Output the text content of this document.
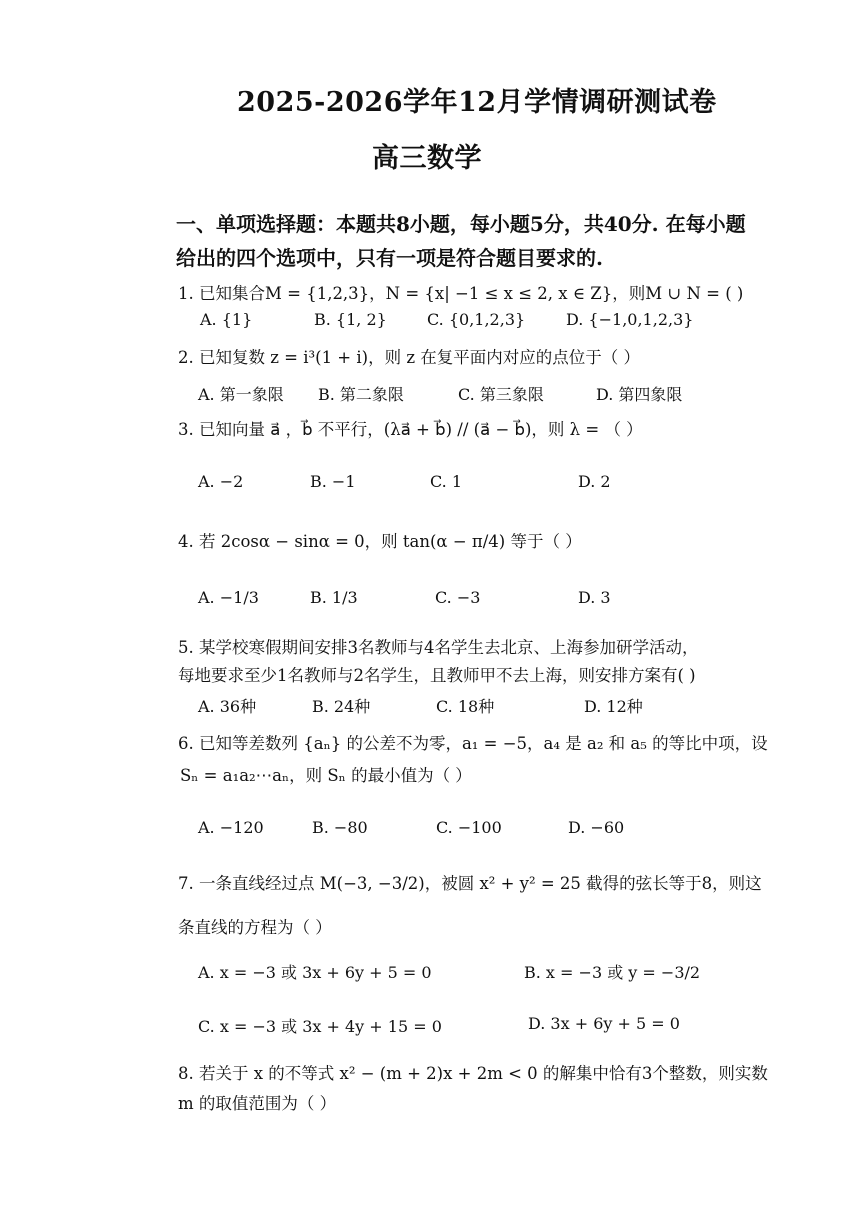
2025-2026学年12月学情调研测试卷
高三数学
一、单项选择题：本题共8小题，每小题5分，共40分. 在每小题
给出的四个选项中，只有一项是符合题目要求的.
1. 已知集合M = {1,2,3}，N = {x| −1 ≤ x ≤ 2, x ∈ Z}，则M ∪ N = ( )
A. {1}	B. {1, 2}	C. {0,1,2,3}	D. {−1,0,1,2,3}
2. 已知复数 z = i³(1 + i)，则 z 在复平面内对应的点位于（ ）
A. 第一象限 B. 第二象限	C. 第三象限	D. 第四象限
3. 已知向量 a⃗ ，b⃗ 不平行，(λa⃗ + b⃗) // (a⃗ − b⃗)，则 λ = （ ）
A. −2	B. −1	C. 1	D. 2
4. 若 2cosα − sinα = 0，则 tan(α − π/4) 等于（ ）
A. −1/3	B. 1/3	C. −3	D. 3
5. 某学校寒假期间安排3名教师与4名学生去北京、上海参加研学活动，
每地要求至少1名教师与2名学生，且教师甲不去上海，则安排方案有( )
A. 36种	B. 24种	C. 18种	D. 12种
6. 已知等差数列 {aₙ} 的公差不为零，a₁ = −5，a₄ 是 a₂ 和 a₅ 的等比中项，设
Sₙ = a₁a₂⋯aₙ，则 Sₙ 的最小值为（ ）
A. −120	B. −80	C. −100	D. −60
7. 一条直线经过点 M(−3, −3/2)，被圆 x² + y² = 25 截得的弦长等于8，则这
条直线的方程为（ ）
A. x = −3 或 3x + 6y + 5 = 0	B. x = −3 或 y = −3/2
C. x = −3 或 3x + 4y + 15 = 0	D. 3x + 6y + 5 = 0
8. 若关于 x 的不等式 x² − (m + 2)x + 2m < 0 的解集中恰有3个整数，则实数
m 的取值范围为（ ）
